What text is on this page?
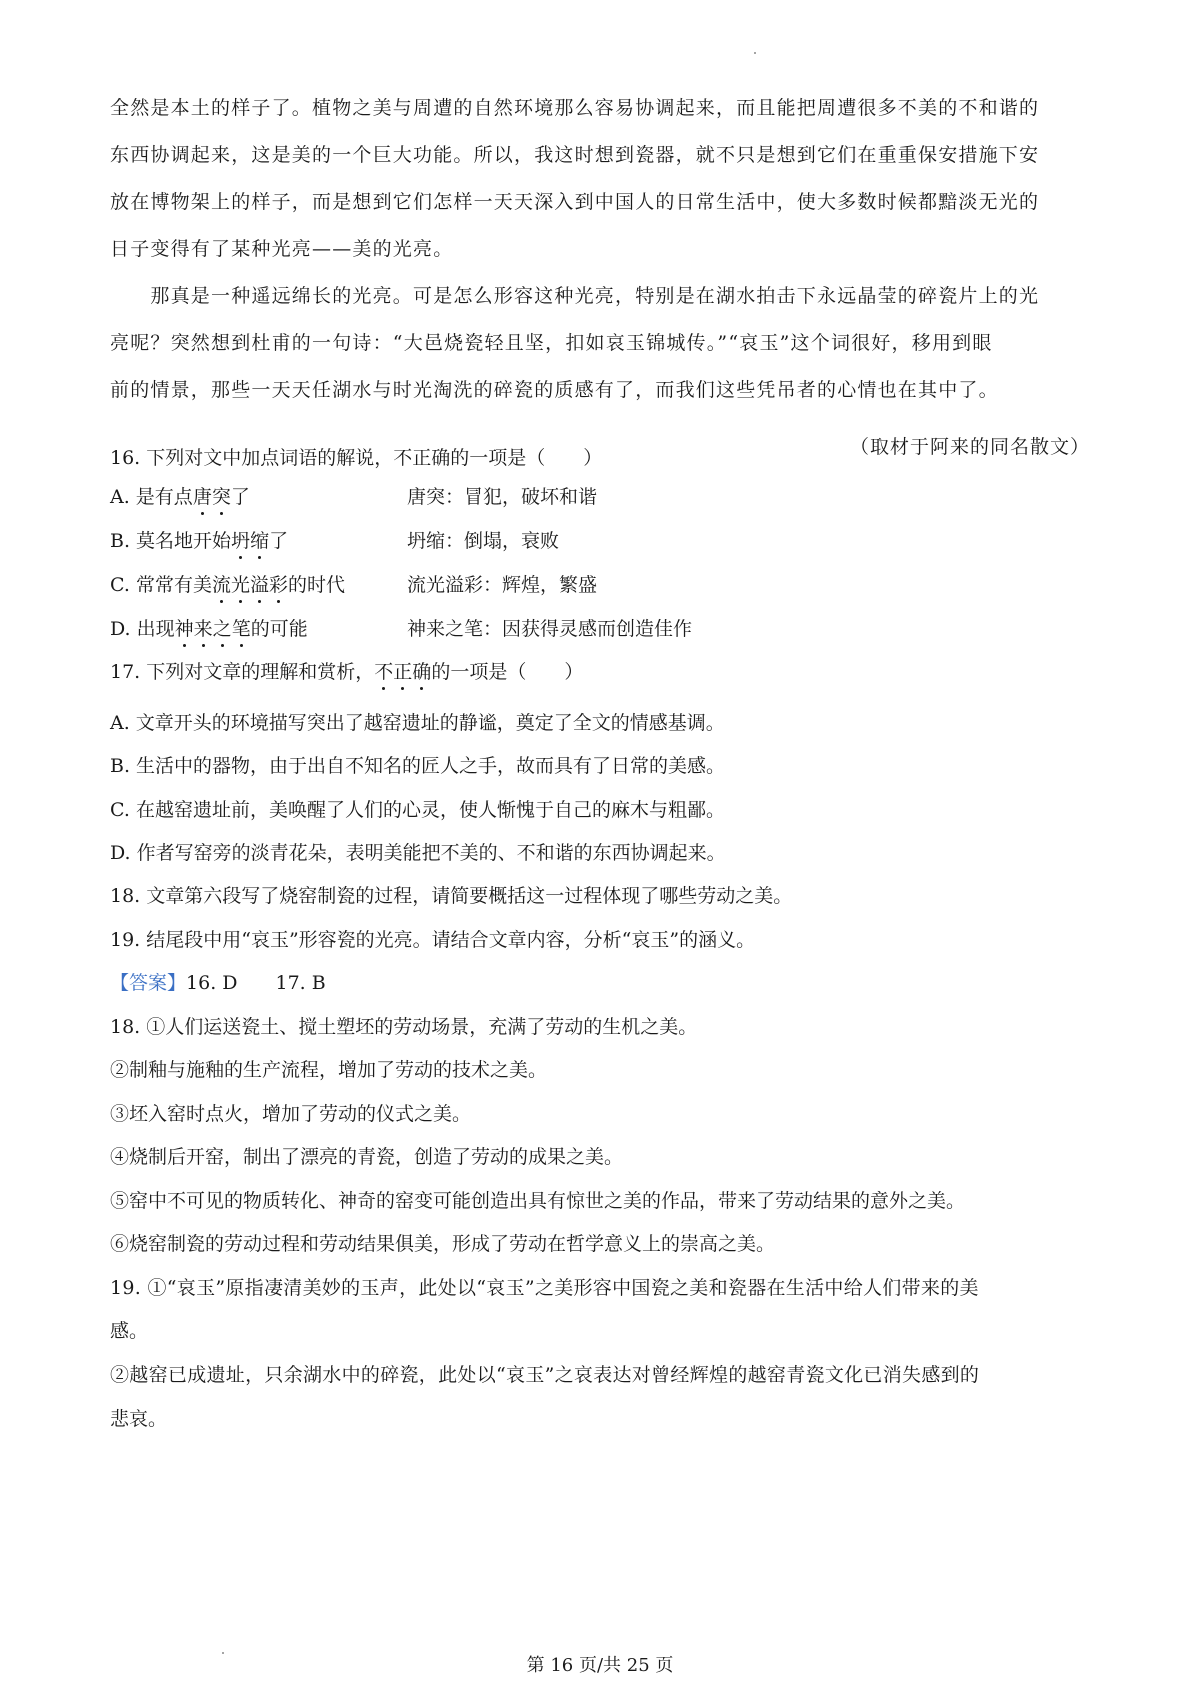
全然是本土的样子了。植物之美与周遭的自然环境那么容易协调起来，而且能把周遭很多不美的不和谐的

东西协调起来，这是美的一个巨大功能。所以，我这时想到瓷器，就不只是想到它们在重重保安措施下安

放在博物架上的样子，而是想到它们怎样一天天深入到中国人的日常生活中，使大多数时候都黯淡无光的

日子变得有了某种光亮——美的光亮。

　　那真是一种遥远绵长的光亮。可是怎么形容这种光亮，特别是在湖水拍击下永远晶莹的碎瓷片上的光

亮呢？突然想到杜甫的一句诗：“大邑烧瓷轻且坚，扣如哀玉锦城传。”“哀玉”这个词很好，移用到眼

前的情景，那些一天天任湖水与时光淘洗的碎瓷的质感有了，而我们这些凭吊者的心情也在其中了。

（取材于阿来的同名散文）
16. 下列对文中加点词语的解说，不正确的一项是（　　）
A. 是有点唐突了	唐突：冒犯，破坏和谐
B. 莫名地开始坍缩了	坍缩：倒塌，衰败
C. 常常有美流光溢彩的时代	流光溢彩：辉煌，繁盛
D. 出现神来之笔的可能	神来之笔：因获得灵感而创造佳作
17. 下列对文章的理解和赏析，不正确的一项是（　　）
A. 文章开头的环境描写突出了越窑遗址的静谧，奠定了全文的情感基调。
B. 生活中的器物，由于出自不知名的匠人之手，故而具有了日常的美感。
C. 在越窑遗址前，美唤醒了人们的心灵，使人惭愧于自己的麻木与粗鄙。
D. 作者写窑旁的淡青花朵，表明美能把不美的、不和谐的东西协调起来。
18. 文章第六段写了烧窑制瓷的过程，请简要概括这一过程体现了哪些劳动之美。
19. 结尾段中用“哀玉”形容瓷的光亮。请结合文章内容，分析“哀玉”的涵义。
【答案】16. D　　17. B
18. ①人们运送瓷土、搅土塑坯的劳动场景，充满了劳动的生机之美。
②制釉与施釉的生产流程，增加了劳动的技术之美。
③坯入窑时点火，增加了劳动的仪式之美。
④烧制后开窑，制出了漂亮的青瓷，创造了劳动的成果之美。
⑤窑中不可见的物质转化、神奇的窑变可能创造出具有惊世之美的作品，带来了劳动结果的意外之美。
⑥烧窑制瓷的劳动过程和劳动结果俱美，形成了劳动在哲学意义上的崇高之美。
19. ①“哀玉”原指凄清美妙的玉声，此处以“哀玉”之美形容中国瓷之美和瓷器在生活中给人们带来的美
感。
②越窑已成遗址，只余湖水中的碎瓷，此处以“哀玉”之哀表达对曾经辉煌的越窑青瓷文化已消失感到的
悲哀。
第 16 页/共 25 页
